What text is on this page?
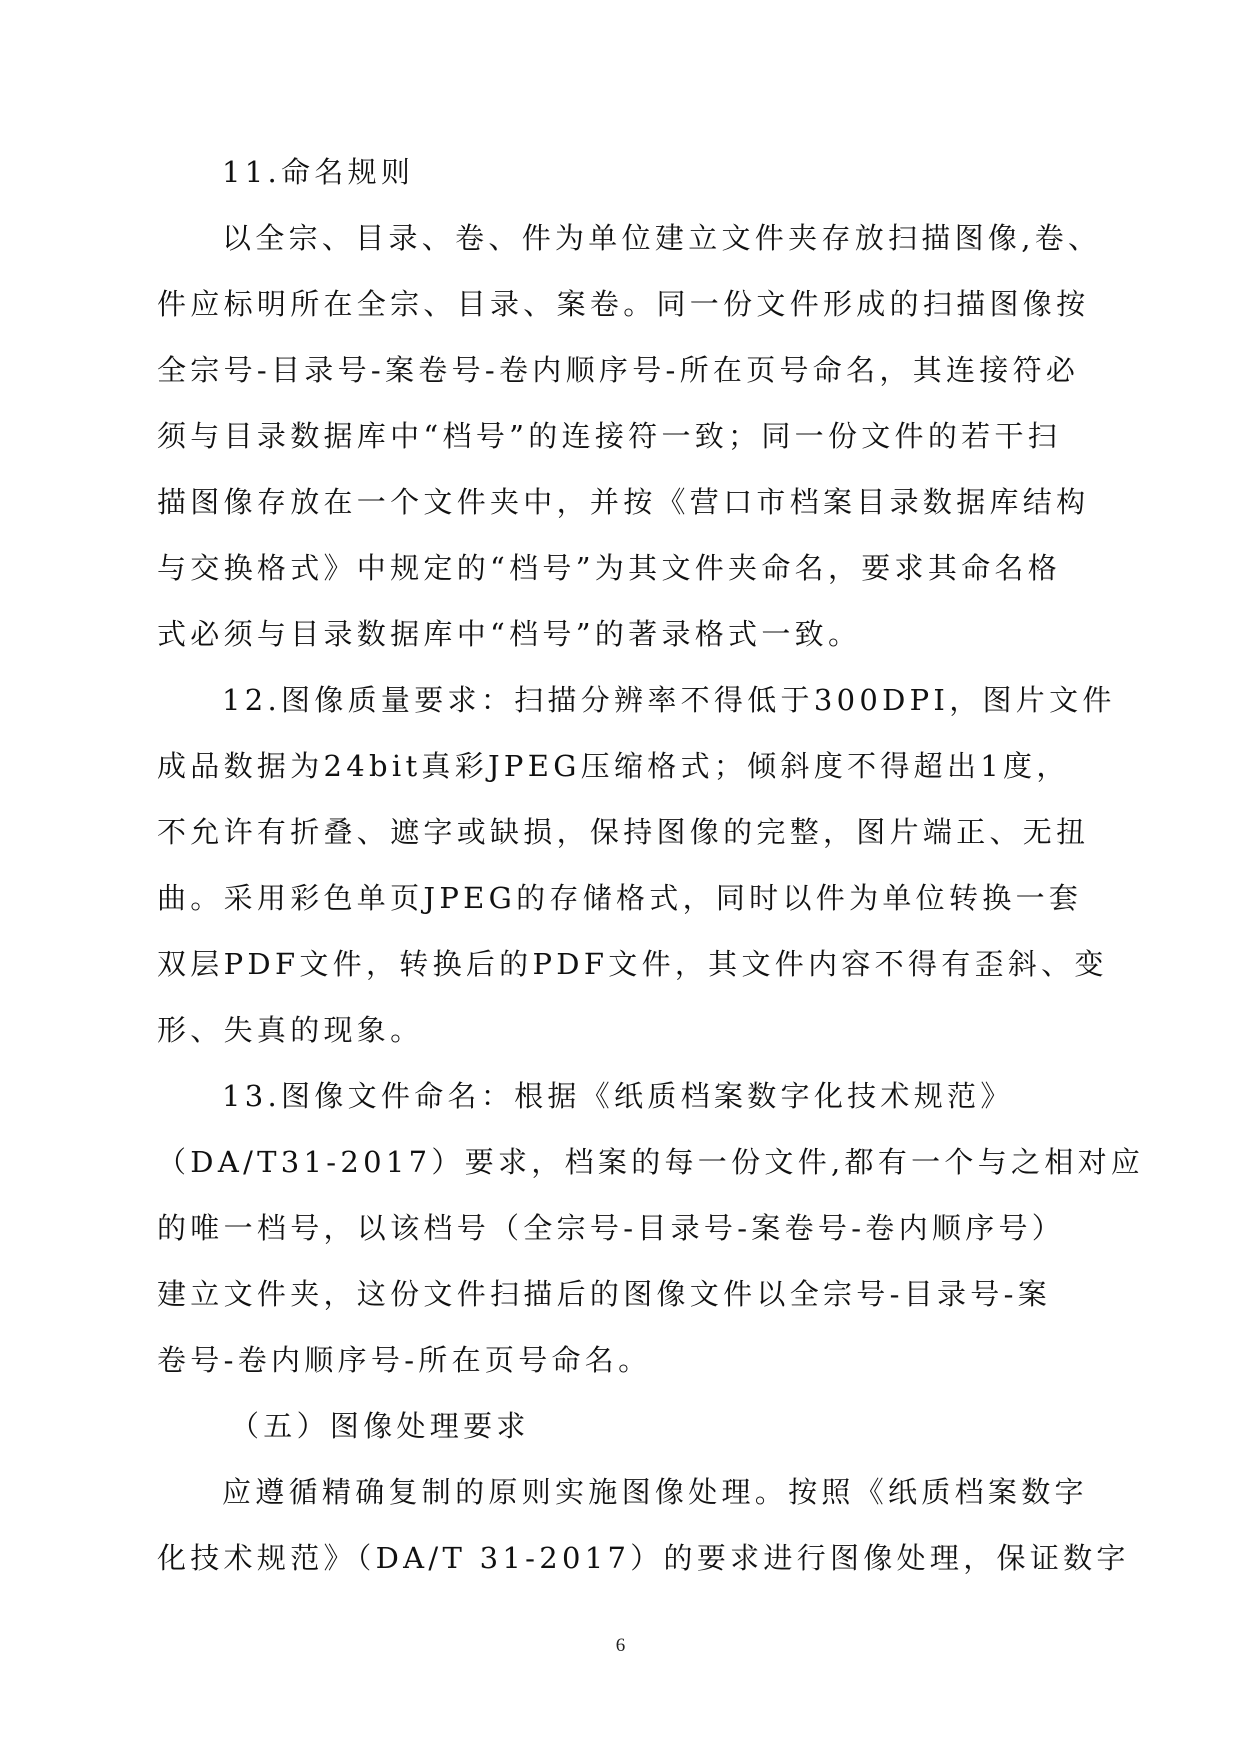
11.命名规则
以全宗、目录、卷、件为单位建立文件夹存放扫描图像,卷、
件应标明所在全宗、目录、案卷。同一份文件形成的扫描图像按
全宗号-目录号-案卷号-卷内顺序号-所在页号命名，其连接符必
须与目录数据库中“档号”的连接符一致；同一份文件的若干扫
描图像存放在一个文件夹中，并按《营口市档案目录数据库结构
与交换格式》中规定的“档号”为其文件夹命名，要求其命名格
式必须与目录数据库中“档号”的著录格式一致。
12.图像质量要求：扫描分辨率不得低于300DPI，图片文件
成品数据为24bit真彩JPEG压缩格式；倾斜度不得超出1度，
不允许有折叠、遮字或缺损，保持图像的完整，图片端正、无扭
曲。采用彩色单页JPEG的存储格式，同时以件为单位转换一套
双层PDF文件，转换后的PDF文件，其文件内容不得有歪斜、变
形、失真的现象。
13.图像文件命名：根据《纸质档案数字化技术规范》
（DA/T31-2017）要求，档案的每一份文件,都有一个与之相对应
的唯一档号，以该档号（全宗号-目录号-案卷号-卷内顺序号）
建立文件夹，这份文件扫描后的图像文件以全宗号-目录号-案
卷号-卷内顺序号-所在页号命名。
（五）图像处理要求
应遵循精确复制的原则实施图像处理。按照《纸质档案数字
化技术规范》（DA/T 31-2017）的要求进行图像处理，保证数字
6
